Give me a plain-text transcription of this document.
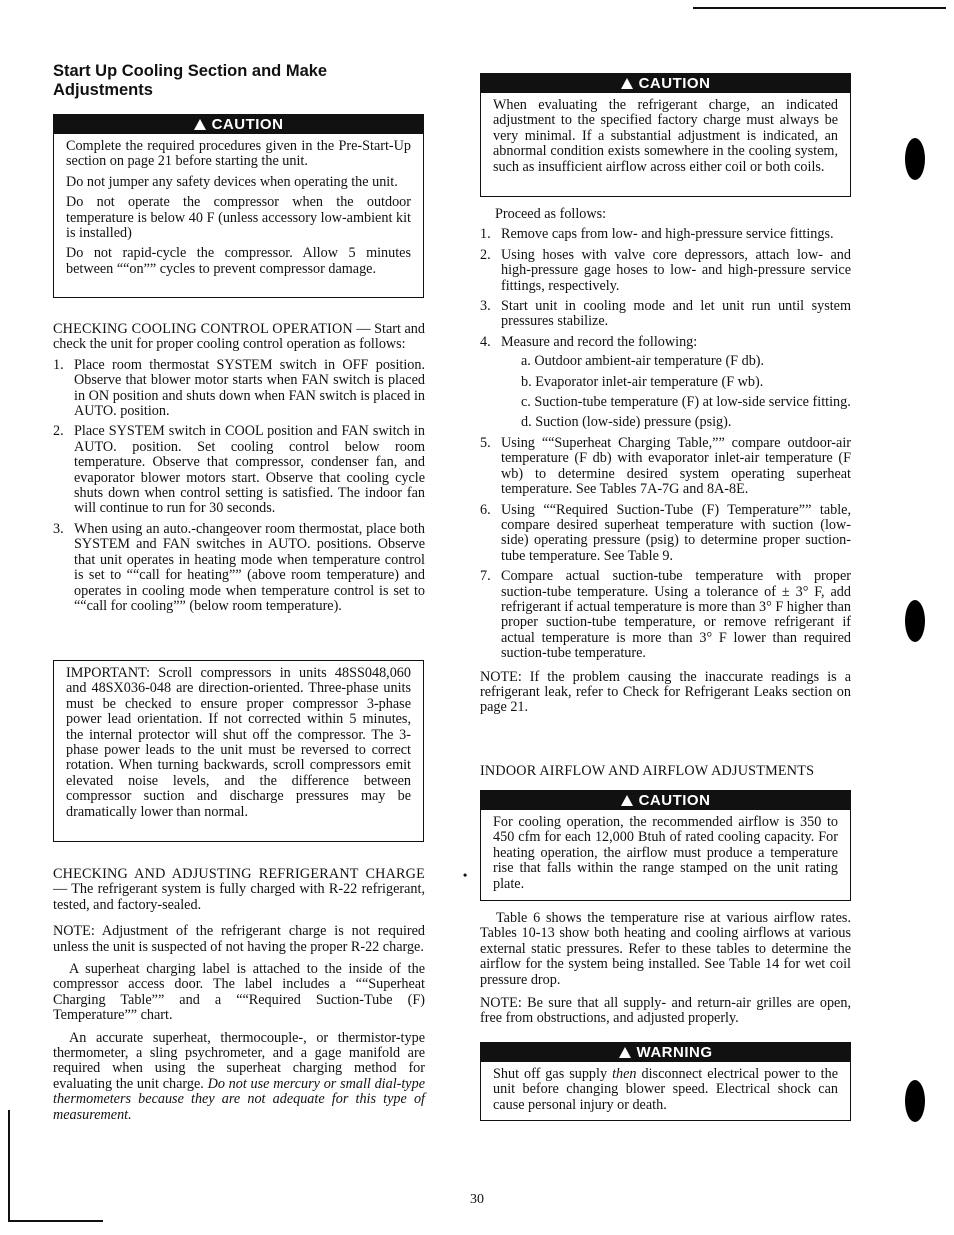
Start Up Cooling Section and Make Adjustments
CAUTION

Complete the required procedures given in the Pre-Start-Up section on page 21 before starting the unit.

Do not jumper any safety devices when operating the unit.

Do not operate the compressor when the outdoor temperature is below 40 F (unless accessory low-ambient kit is installed)

Do not rapid-cycle the compressor. Allow 5 minutes between ““on”” cycles to prevent compressor damage.

CHECKING COOLING CONTROL OPERATION — Start and check the unit for proper cooling control operation as follows:

1. Place room thermostat SYSTEM switch in OFF position. Observe that blower motor starts when FAN switch is placed in ON position and shuts down when FAN switch is placed in AUTO. position.
2. Place SYSTEM switch in COOL position and FAN switch in AUTO. position. Set cooling control below room temperature. Observe that compressor, condenser fan, and evaporator blower motors start. Observe that cooling cycle shuts down when control setting is satisfied. The indoor fan will continue to run for 30 seconds.
3. When using an auto.-changeover room thermostat, place both SYSTEM and FAN switches in AUTO. positions. Observe that unit operates in heating mode when temperature control is set to ““call for heating”” (above room temperature) and operates in cooling mode when temperature control is set to ““call for cooling”” (below room temperature).

IMPORTANT: Scroll compressors in units 48SS048,060 and 48SX036-048 are direction-oriented. Three-phase units must be checked to ensure proper compressor 3-phase power lead orientation. If not corrected within 5 minutes, the internal protector will shut off the compressor. The 3-phase power leads to the unit must be reversed to correct rotation. When turning backwards, scroll compressors emit elevated noise levels, and the difference between compressor suction and discharge pressures may be dramatically lower than normal.

CHECKING AND ADJUSTING REFRIGERANT CHARGE — The refrigerant system is fully charged with R-22 refrigerant, tested, and factory-sealed.

NOTE: Adjustment of the refrigerant charge is not required unless the unit is suspected of not having the proper R-22 charge.

A superheat charging label is attached to the inside of the compressor access door. The label includes a ““Superheat Charging Table”” and a ““Required Suction-Tube (F) Temperature”” chart.

An accurate superheat, thermocouple-, or thermistor-type thermometer, a sling psychrometer, and a gage manifold are required when using the superheat charging method for evaluating the unit charge. Do not use mercury or small dial-type thermometers because they are not adequate for this type of measurement.

CAUTION

When evaluating the refrigerant charge, an indicated adjustment to the specified factory charge must always be very minimal. If a substantial adjustment is indicated, an abnormal condition exists somewhere in the cooling system, such as insufficient airflow across either coil or both coils.

Proceed as follows:

1. Remove caps from low- and high-pressure service fittings.
2. Using hoses with valve core depressors, attach low- and high-pressure gage hoses to low- and high-pressure service fittings, respectively.
3. Start unit in cooling mode and let unit run until system pressures stabilize.
4. Measure and record the following:
a. Outdoor ambient-air temperature (F db).
b. Evaporator inlet-air temperature (F wb).
c. Suction-tube temperature (F) at low-side service fitting.
d. Suction (low-side) pressure (psig).
5. Using ““Superheat Charging Table,”” compare outdoor-air temperature (F db) with evaporator inlet-air temperature (F wb) to determine desired system operating superheat temperature. See Tables 7A-7G and 8A-8E.
6. Using ““Required Suction-Tube (F) Temperature”” table, compare desired superheat temperature with suction (low-side) operating pressure (psig) to determine proper suction-tube temperature. See Table 9.
7. Compare actual suction-tube temperature with proper suction-tube temperature. Using a tolerance of ± 3° F, add refrigerant if actual temperature is more than 3° F higher than proper suction-tube temperature, or remove refrigerant if actual temperature is more than 3° F lower than required suction-tube temperature.

NOTE: If the problem causing the inaccurate readings is a refrigerant leak, refer to Check for Refrigerant Leaks section on page 21.

INDOOR AIRFLOW AND AIRFLOW ADJUSTMENTS

CAUTION

For cooling operation, the recommended airflow is 350 to 450 cfm for each 12,000 Btuh of rated cooling capacity. For heating operation, the airflow must produce a temperature rise that falls within the range stamped on the unit rating plate.

Table 6 shows the temperature rise at various airflow rates. Tables 10-13 show both heating and cooling airflows at various external static pressures. Refer to these tables to determine the airflow for the system being installed. See Table 14 for wet coil pressure drop.

NOTE: Be sure that all supply- and return-air grilles are open, free from obstructions, and adjusted properly.

WARNING

Shut off gas supply then disconnect electrical power to the unit before changing blower speed. Electrical shock can cause personal injury or death.

•
30
